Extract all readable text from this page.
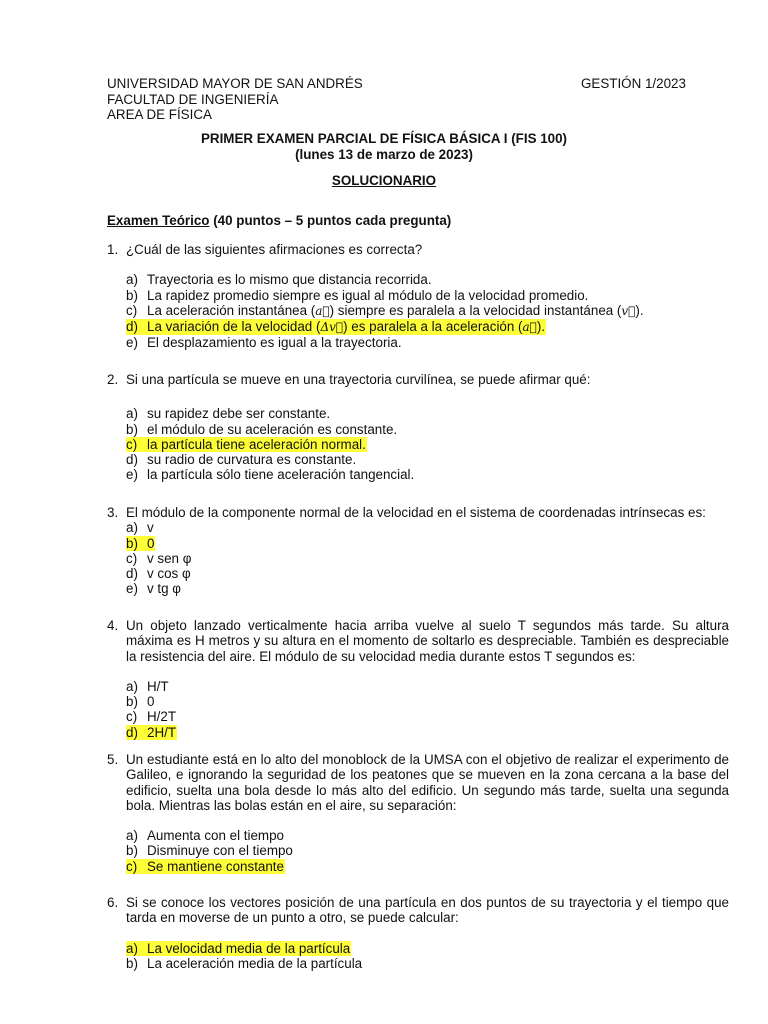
UNIVERSIDAD MAYOR DE SAN ANDRÉS
FACULTAD DE INGENIERÍA
AREA DE FÍSICA
GESTIÓN 1/2023
PRIMER EXAMEN PARCIAL DE FÍSICA BÁSICA I (FIS 100)
(lunes 13 de marzo de 2023)
SOLUCIONARIO
Examen Teórico (40 puntos – 5 puntos cada pregunta)
1. ¿Cuál de las siguientes afirmaciones es correcta?
a) Trayectoria es lo mismo que distancia recorrida.
b) La rapidez promedio siempre es igual al módulo de la velocidad promedio.
c) La aceleración instantánea (a⃗) siempre es paralela a la velocidad instantánea (v⃗).
d) La variación de la velocidad (Δv⃗) es paralela a la aceleración (a⃗).
e) El desplazamiento es igual a la trayectoria.
2. Si una partícula se mueve en una trayectoria curvilínea, se puede afirmar qué:
a) su rapidez debe ser constante.
b) el módulo de su aceleración es constante.
c) la partícula tiene aceleración normal.
d) su radio de curvatura es constante.
e) la partícula sólo tiene aceleración tangencial.
3. El módulo de la componente normal de la velocidad en el sistema de coordenadas intrínsecas es:
a) v
b) 0
c) v sen φ
d) v cos φ
e) v tg φ
4. Un objeto lanzado verticalmente hacia arriba vuelve al suelo T segundos más tarde. Su altura máxima es H metros y su altura en el momento de soltarlo es despreciable. También es despreciable la resistencia del aire. El módulo de su velocidad media durante estos T segundos es:
a) H/T
b) 0
c) H/2T
d) 2H/T
5. Un estudiante está en lo alto del monoblock de la UMSA con el objetivo de realizar el experimento de Galileo, e ignorando la seguridad de los peatones que se mueven en la zona cercana a la base del edificio, suelta una bola desde lo más alto del edificio. Un segundo más tarde, suelta una segunda bola. Mientras las bolas están en el aire, su separación:
a) Aumenta con el tiempo
b) Disminuye con el tiempo
c) Se mantiene constante
6. Si se conoce los vectores posición de una partícula en dos puntos de su trayectoria y el tiempo que tarda en moverse de un punto a otro, se puede calcular:
a) La velocidad media de la partícula
b) La aceleración media de la partícula
